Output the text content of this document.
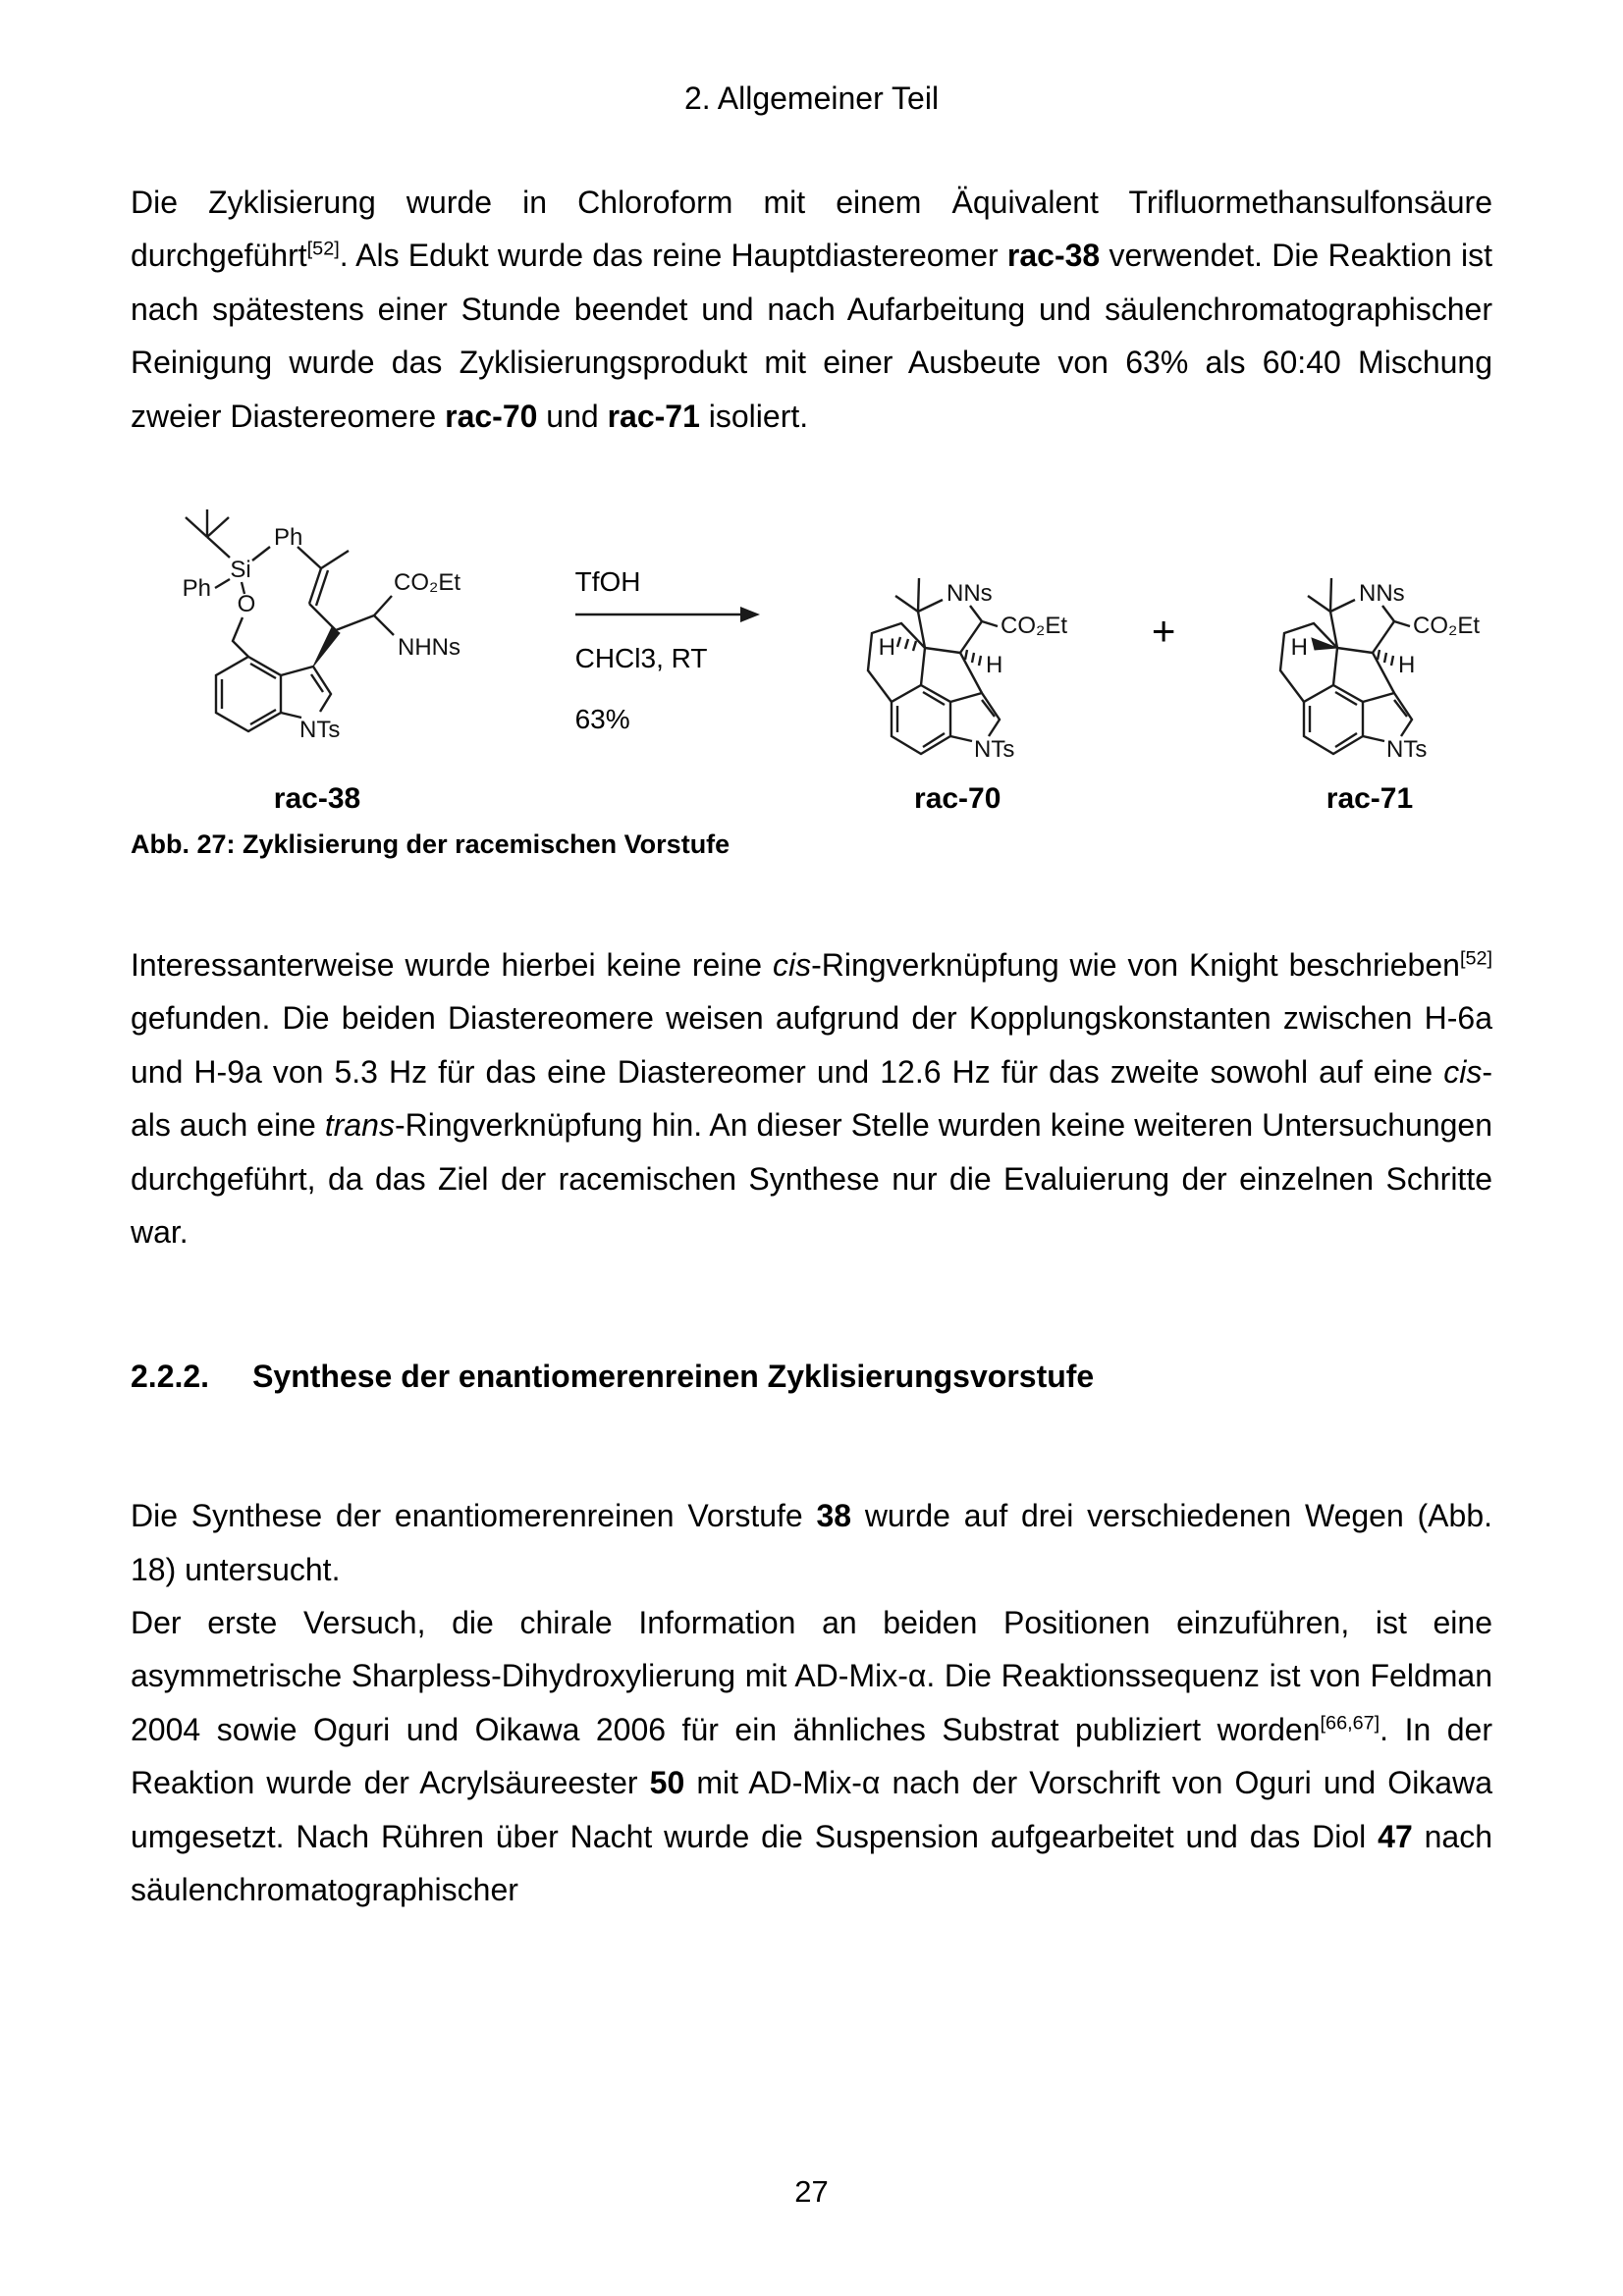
2. Allgemeiner Teil

Die Zyklisierung wurde in Chloroform mit einem Äquivalent Trifluormethansulfonsäure durchgeführt[52]. Als Edukt wurde das reine Hauptdiastereomer rac-38 verwendet. Die Reaktion ist nach spätestens einer Stunde beendet und nach Aufarbeitung und säulenchromatographischer Reinigung wurde das Zyklisierungsprodukt mit einer Ausbeute von 63% als 60:40 Mischung zweier Diastereomere rac-70 und rac-71 isoliert.

Si
Ph
Ph
O
CO₂Et
NHNs
NTs
rac-38
TfOH
CHCl3, RT
63%
NNs
CO₂Et
H
H
NTs
rac-70
+
NNs
CO₂Et
H
H
NTs
rac-71
Abb. 27: Zyklisierung der racemischen Vorstufe

Interessanterweise wurde hierbei keine reine cis-Ringverknüpfung wie von Knight beschrieben[52] gefunden. Die beiden Diastereomere weisen aufgrund der Kopplungskonstanten zwischen H-6a und H-9a von 5.3 Hz für das eine Diastereomer und 12.6 Hz für das zweite sowohl auf eine cis- als auch eine trans-Ringverknüpfung hin. An dieser Stelle wurden keine weiteren Untersuchungen durchgeführt, da das Ziel der racemischen Synthese nur die Evaluierung der einzelnen Schritte war.

2.2.2. Synthese der enantiomerenreinen Zyklisierungsvorstufe

Die Synthese der enantiomerenreinen Vorstufe 38 wurde auf drei verschiedenen Wegen (Abb. 18) untersucht.

Der erste Versuch, die chirale Information an beiden Positionen einzuführen, ist eine asymmetrische Sharpless-Dihydroxylierung mit AD-Mix-α. Die Reaktionssequenz ist von Feldman 2004 sowie Oguri und Oikawa 2006 für ein ähnliches Substrat publiziert worden[66,67]. In der Reaktion wurde der Acrylsäureester 50 mit AD-Mix-α nach der Vorschrift von Oguri und Oikawa umgesetzt. Nach Rühren über Nacht wurde die Suspension aufgearbeitet und das Diol 47 nach säulenchromatographischer

27
